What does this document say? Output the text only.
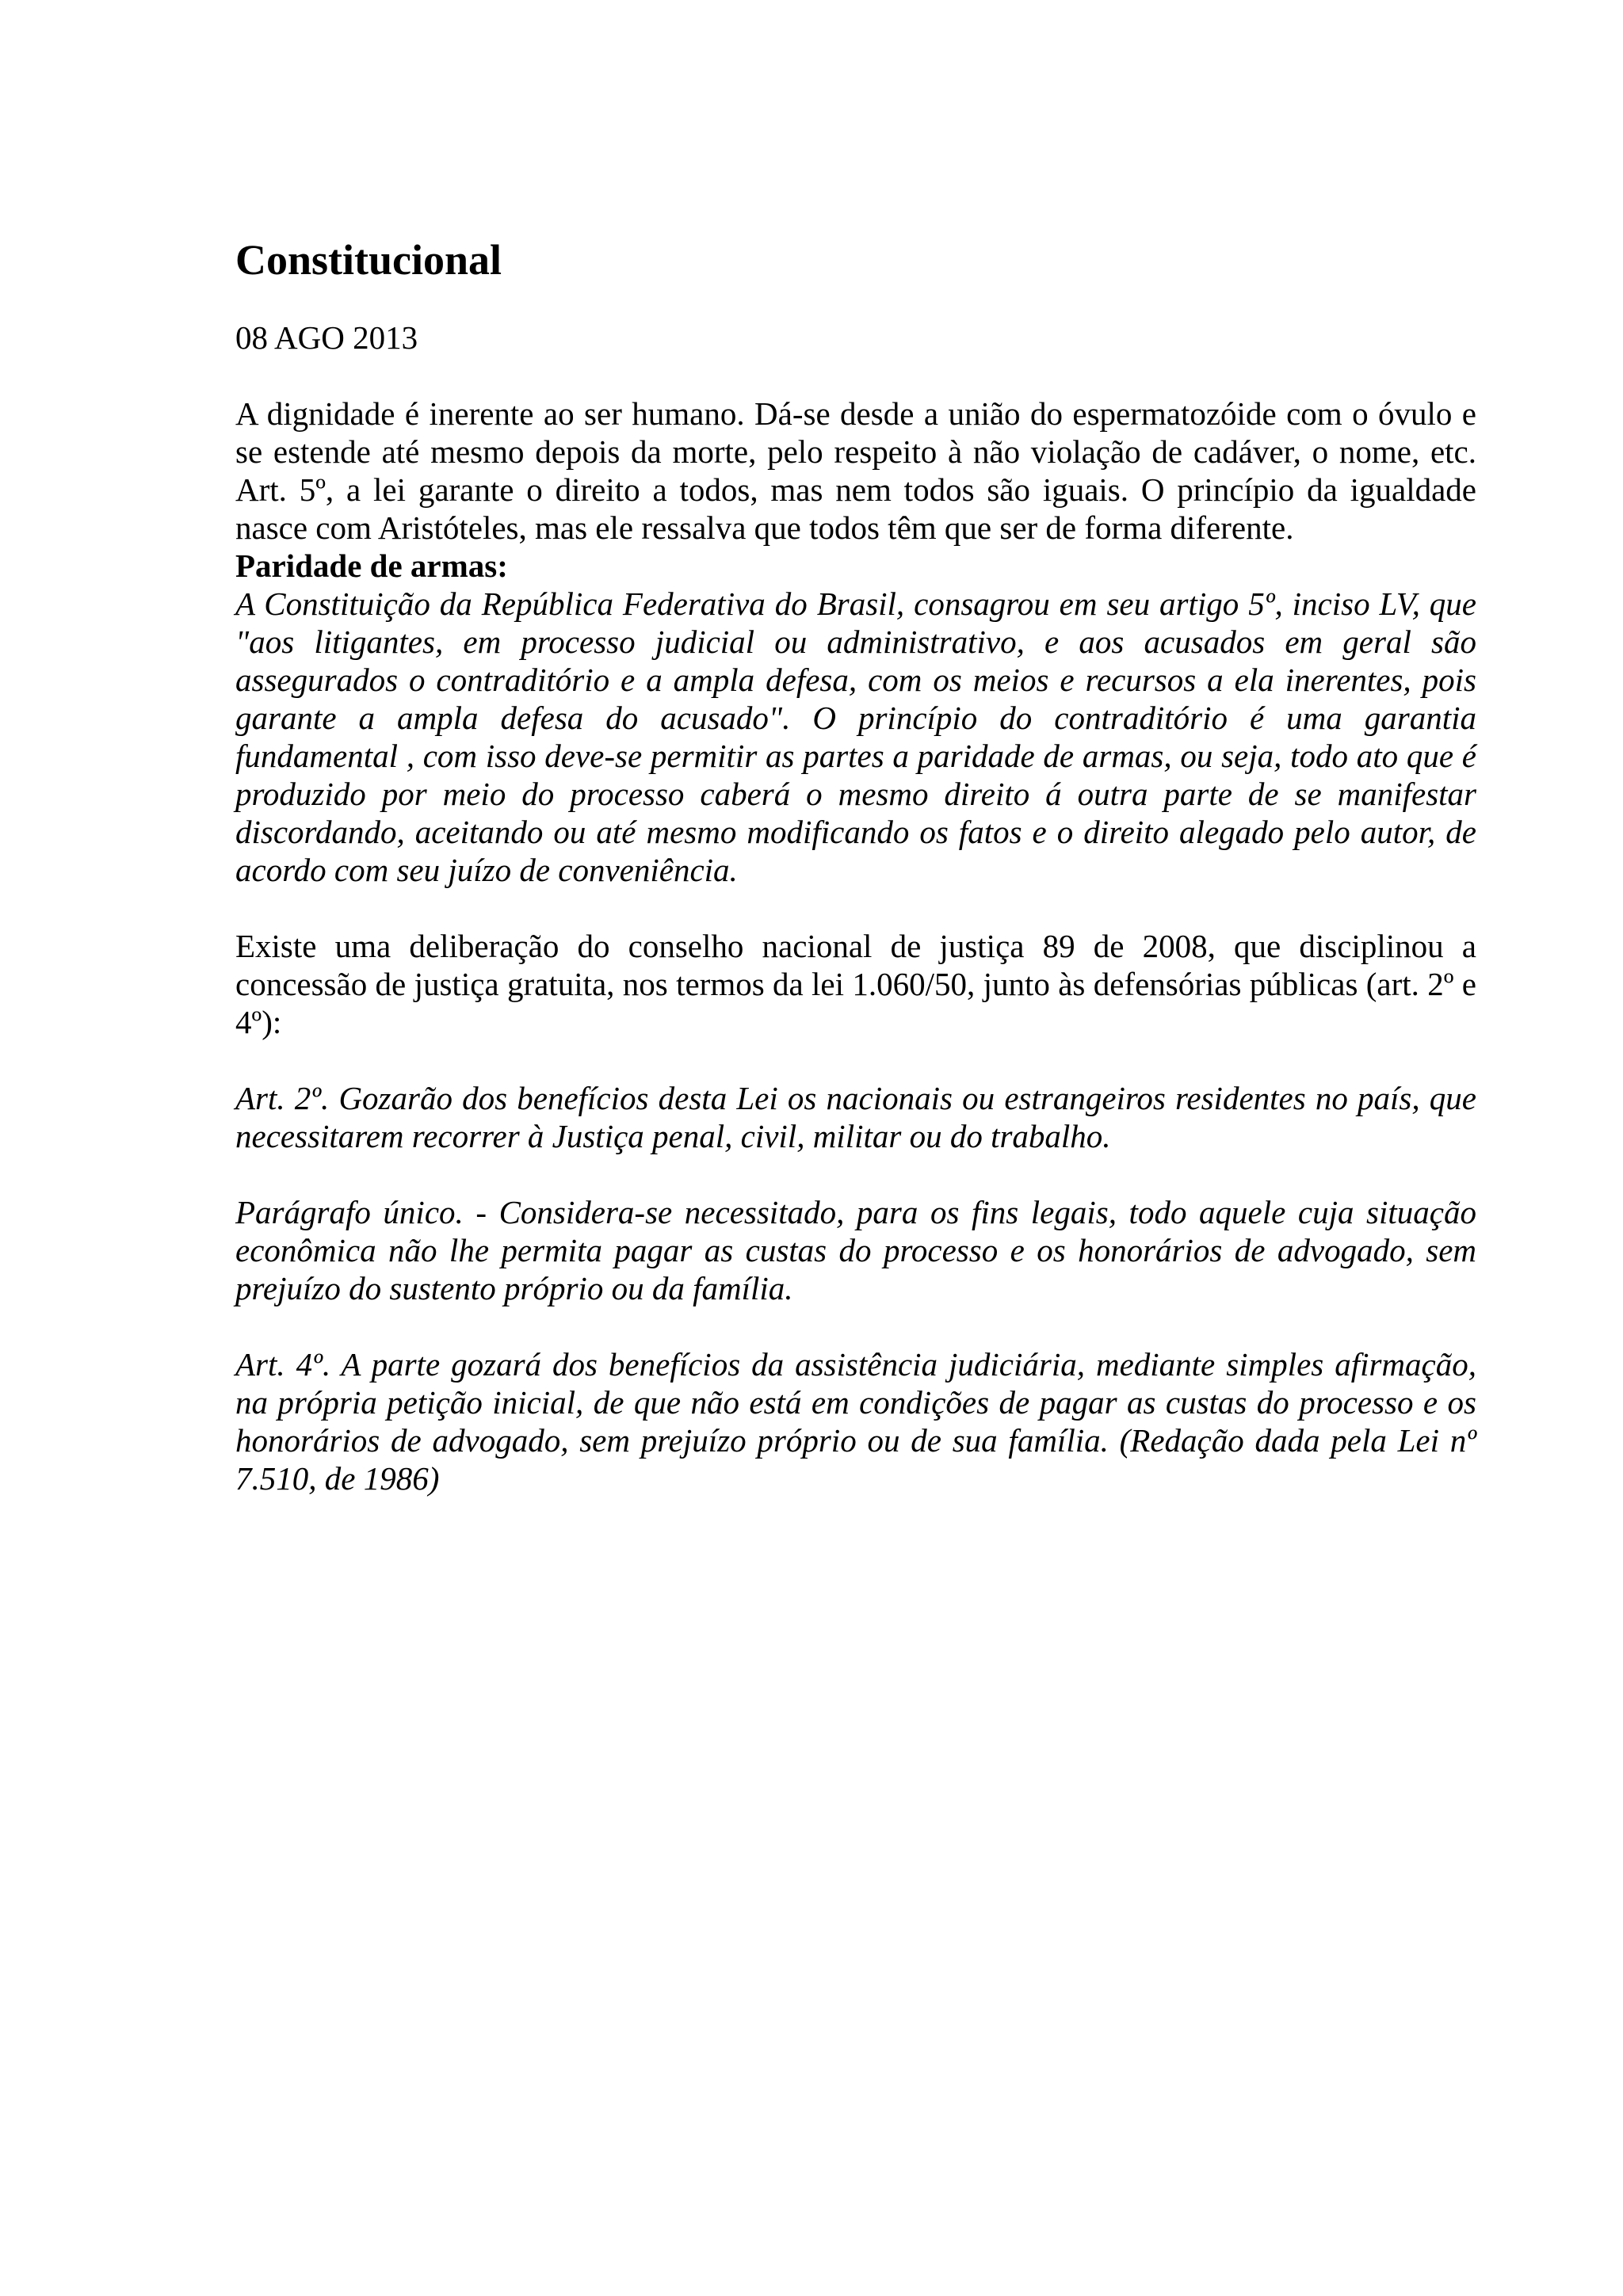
Constitucional

08 AGO 2013

A dignidade é inerente ao ser humano. Dá-se desde a união do espermatozóide com o óvulo e se estende até mesmo depois da morte, pelo respeito à não violação de cadáver, o nome, etc. Art. 5º, a lei garante o direito a todos, mas nem todos são iguais. O princípio da igualdade nasce com Aristóteles, mas ele ressalva que todos têm que ser de forma diferente.

Paridade de armas:

A Constituição da República Federativa do Brasil, consagrou em seu artigo 5º, inciso LV, que "aos litigantes, em processo judicial ou administrativo, e aos acusados em geral são assegurados o contraditório e a ampla defesa, com os meios e recursos a ela inerentes, pois garante a ampla defesa do acusado". O princípio do contraditório é uma garantia fundamental , com isso deve-se permitir as partes a paridade de armas, ou seja, todo ato que é produzido por meio do processo caberá o mesmo direito á outra parte de se manifestar discordando, aceitando ou até mesmo modificando os fatos e o direito alegado pelo autor, de acordo com seu juízo de conveniência.

Existe uma deliberação do conselho nacional de justiça 89 de 2008, que disciplinou a concessão de justiça gratuita, nos termos da lei 1.060/50, junto às defensórias públicas (art. 2º e 4º):

Art. 2º. Gozarão dos benefícios desta Lei os nacionais ou estrangeiros residentes no país, que necessitarem recorrer à Justiça penal, civil, militar ou do trabalho.

Parágrafo único. - Considera-se necessitado, para os fins legais, todo aquele cuja situação econômica não lhe permita pagar as custas do processo e os honorários de advogado, sem prejuízo do sustento próprio ou da família.

Art. 4º. A parte gozará dos benefícios da assistência judiciária, mediante simples afirmação, na própria petição inicial, de que não está em condições de pagar as custas do processo e os honorários de advogado, sem prejuízo próprio ou de sua família. (Redação dada pela Lei nº 7.510, de 1986)
